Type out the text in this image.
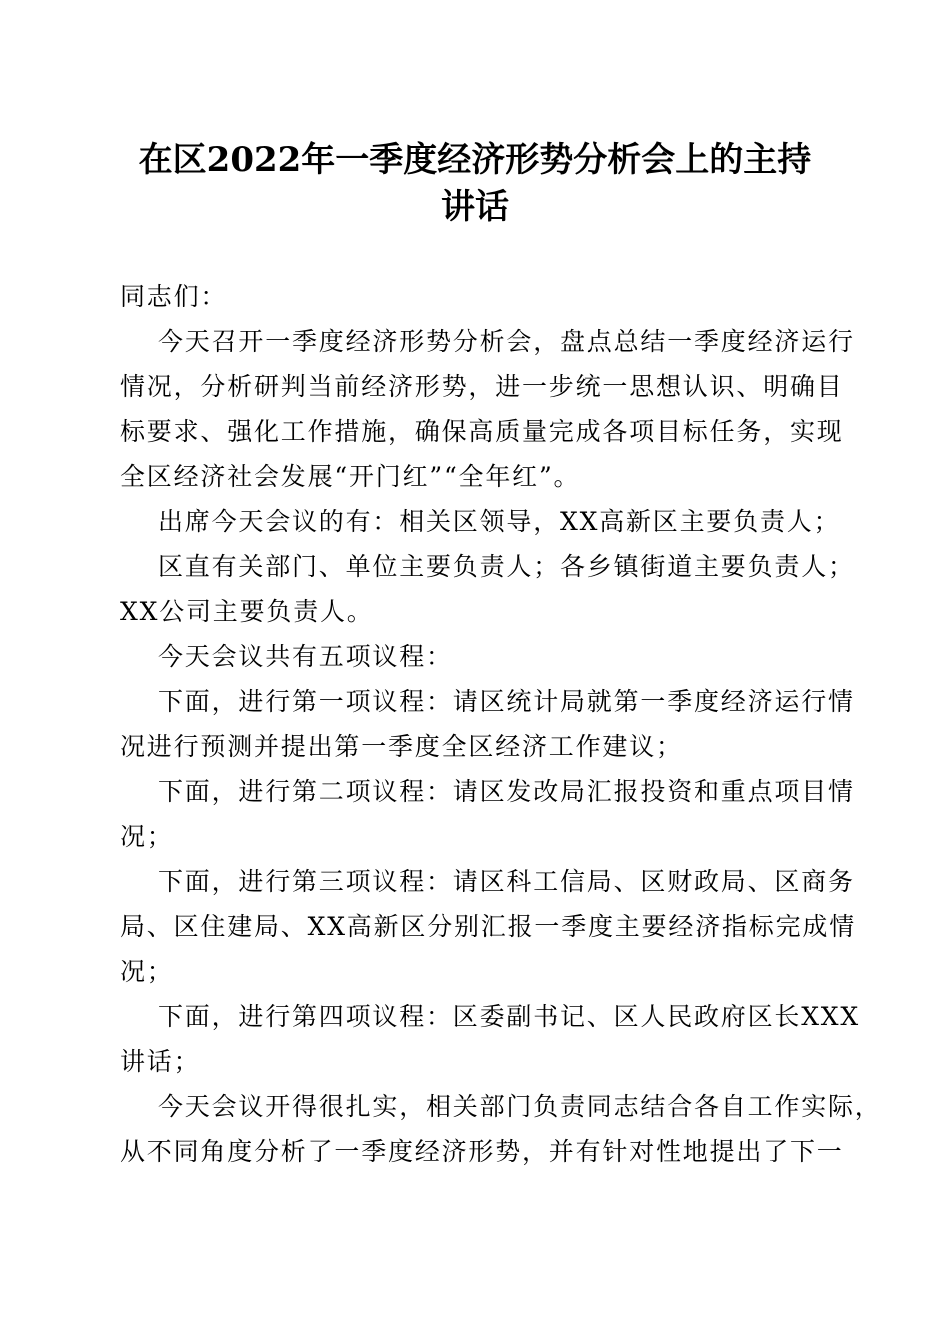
在区2022年一季度经济形势分析会上的主持
讲话

同志们：

今天召开一季度经济形势分析会，盘点总结一季度经济运行

情况，分析研判当前经济形势，进一步统一思想认识、明确目

标要求、强化工作措施，确保高质量完成各项目标任务，实现

全区经济社会发展“开门红”“全年红”。

出席今天会议的有：相关区领导，XX高新区主要负责人；

区直有关部门、单位主要负责人；各乡镇街道主要负责人；

XX公司主要负责人。

今天会议共有五项议程：

下面，进行第一项议程：请区统计局就第一季度经济运行情

况进行预测并提出第一季度全区经济工作建议；

下面，进行第二项议程：请区发改局汇报投资和重点项目情

况；

下面，进行第三项议程：请区科工信局、区财政局、区商务

局、区住建局、XX高新区分别汇报一季度主要经济指标完成情

况；

下面，进行第四项议程：区委副书记、区人民政府区长XXX

讲话；

今天会议开得很扎实，相关部门负责同志结合各自工作实际，

从不同角度分析了一季度经济形势，并有针对性地提出了下一
